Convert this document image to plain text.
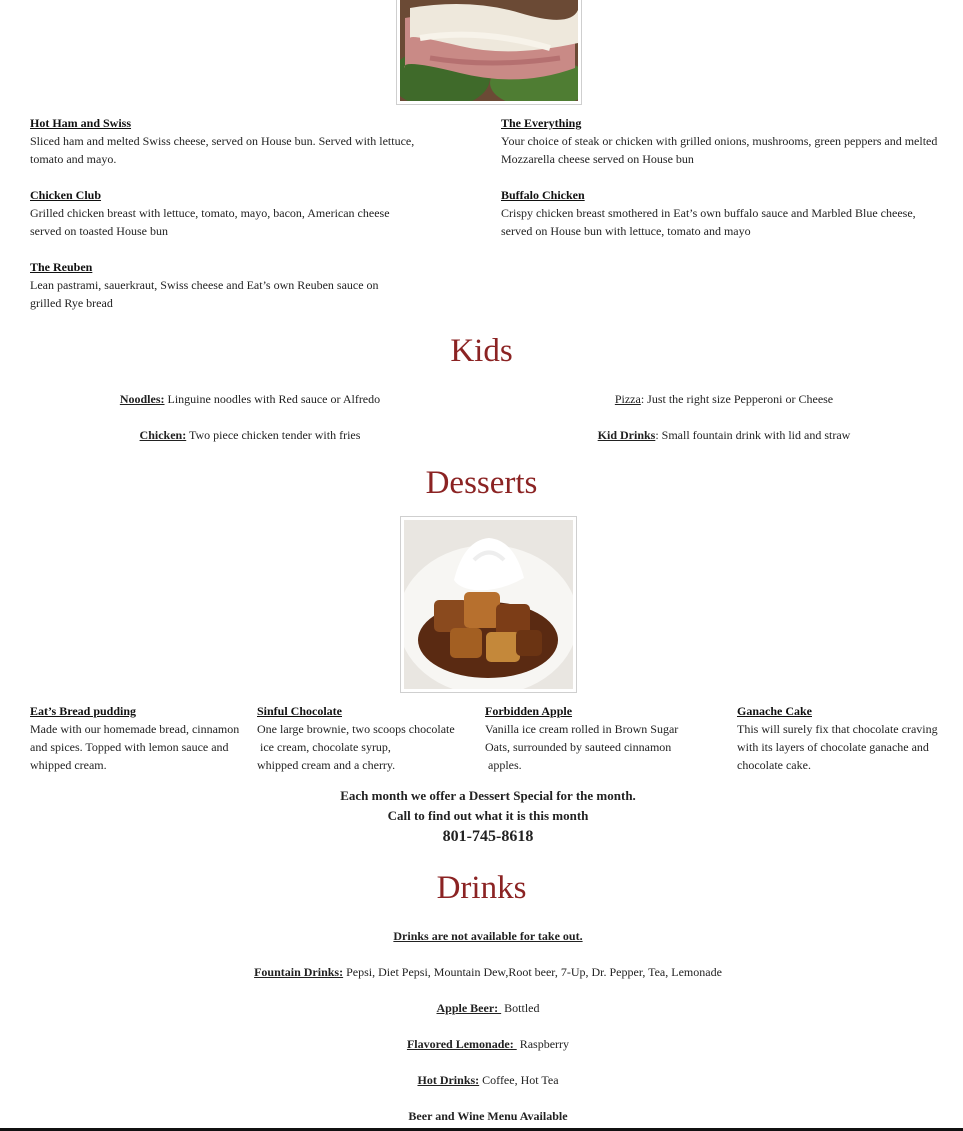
Hot Ham and Swiss
Sliced ham and melted Swiss cheese, served on House bun. Served with lettuce,
tomato and mayo.
The Everything
Your choice of steak or chicken with grilled onions, mushrooms, green peppers and melted
Mozzarella cheese served on House bun
Chicken Club
Grilled chicken breast with lettuce, tomato, mayo, bacon, American cheese
served on toasted House bun
Buffalo Chicken
Crispy chicken breast smothered in Eat’s own buffalo sauce and Marbled Blue cheese,
served on House bun with lettuce, tomato and mayo
The Reuben
Lean pastrami, sauerkraut, Swiss cheese and Eat’s own Reuben sauce on
grilled Rye bread
Kids
Noodles: Linguine noodles with Red sauce or Alfredo	Pizza: Just the right size Pepperoni or Cheese
Chicken: Two piece chicken tender with fries	Kid Drinks: Small fountain drink with lid and straw
Desserts
Eat’s Bread pudding
Made with our homemade bread, cinnamon
and spices. Topped with lemon sauce and
whipped cream.
Sinful Chocolate
One large brownie, two scoops chocolate
ice cream, chocolate syrup,
whipped cream and a cherry.
Forbidden Apple
Vanilla ice cream rolled in Brown Sugar
Oats, surrounded by sauteed cinnamon
apples.
Ganache Cake
This will surely fix that chocolate craving
with its layers of chocolate ganache and
chocolate cake.
Each month we offer a Dessert Special for the month.
Call to find out what it is this month
801-745-8618
Drinks
Drinks are not available for take out.
Fountain Drinks: Pepsi, Diet Pepsi, Mountain Dew,Root beer, 7-Up, Dr. Pepper, Tea, Lemonade
Apple Beer:  Bottled
Flavored Lemonade:  Raspberry
Hot Drinks: Coffee, Hot Tea
Beer and Wine Menu Available
